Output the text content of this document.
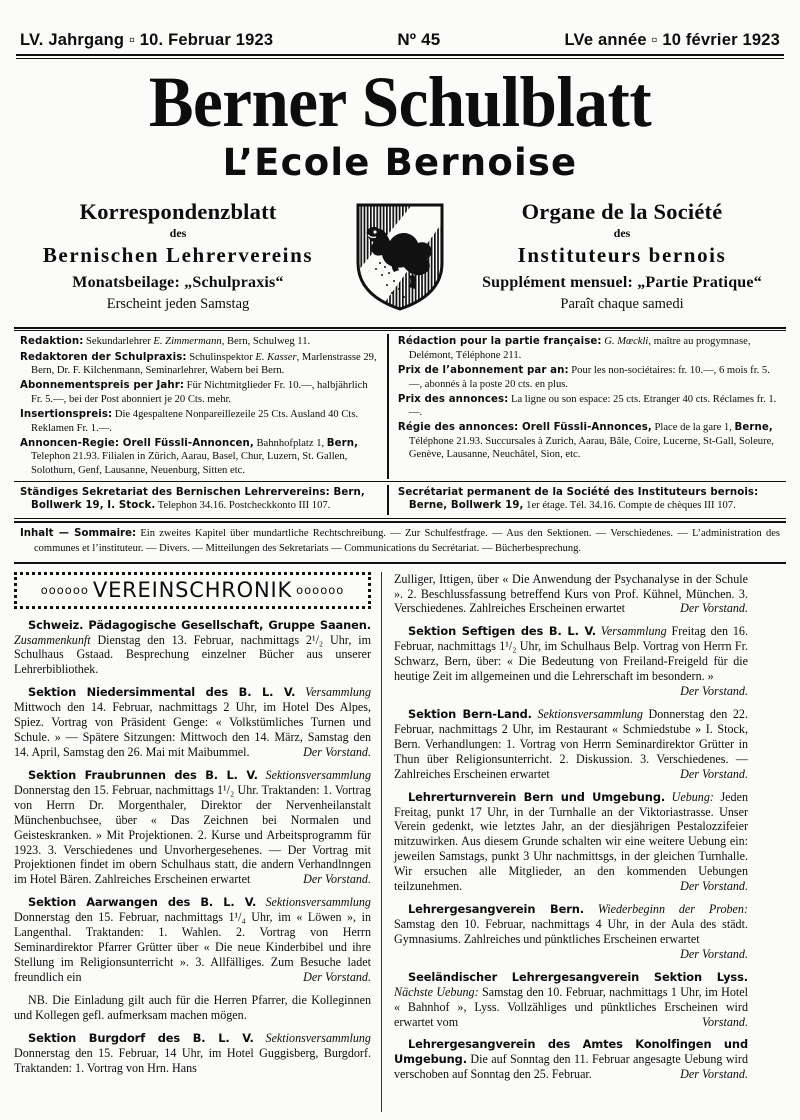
LV. Jahrgang ▫ 10. Februar 1923	Nº 45	LVe année ▫ 10 février 1923
Berner Schulblatt
L’Ecole Bernoise
Korrespondenzblatt
des
Bernischen Lehrervereins
Monatsbeilage: „Schulpraxis“
Erscheint jeden Samstag
Organe de la Société
des
Instituteurs bernois
Supplément mensuel: „Partie Pratique“
Paraît chaque samedi
Redaktion: Sekundarlehrer E. Zimmermann, Bern, Schulweg 11.
Redaktoren der Schulpraxis: Schulinspektor E. Kasser, Marlenstrasse 29, Bern, Dr. F. Kilchenmann, Seminarlehrer, Wabern bei Bern.
Abonnementspreis per Jahr: Für Nichtmitglieder Fr. 10.—, halbjährlich Fr. 5.—, bei der Post abonniert je 20 Cts. mehr.
Insertionspreis: Die 4gespaltene Nonpareillezeile 25 Cts. Ausland 40 Cts. Reklamen Fr. 1.—.
Annoncen-Regie: Orell Füssli-Annoncen, Bahnhofplatz 1, Bern, Telephon 21.93. Filialen in Zürich, Aarau, Basel, Chur, Luzern, St. Gallen, Solothurn, Genf, Lausanne, Neuenburg, Sitten etc.
Rédaction pour la partie française: G. Mœckli, maître au progymnase, Delémont, Téléphone 211.
Prix de l’abonnement par an: Pour les non-sociétaires: fr. 10.—, 6 mois fr. 5.—, abonnés à la poste 20 cts. en plus.
Prix des annonces: La ligne ou son espace: 25 cts. Etranger 40 cts. Réclames fr. 1.—.
Régie des annonces: Orell Füssli-Annonces, Place de la gare 1, Berne, Téléphone 21.93. Succursales à Zurich, Aarau, Bâle, Coire, Lucerne, St-Gall, Soleure, Genève, Lausanne, Neuchâtel, Sion, etc.
Ständiges Sekretariat des Bernischen Lehrervereins: Bern, Bollwerk 19, I. Stock. Telephon 34.16. Postcheckkonto III 107.
Secrétariat permanent de la Société des Instituteurs bernois: Berne, Bollwerk 19, 1er étage. Tél. 34.16. Compte de chèques III 107.
Inhalt — Sommaire: Ein zweites Kapitel über mundartliche Rechtschreibung. — Zur Schulfestfrage. — Aus den Sektionen. — Verschiedenes. — L’administration des communes et l’instituteur. — Divers. — Mitteilungen des Sekretariats — Communications du Secrétariat. — Bücherbesprechung.
oooooo VEREINSCHRONIK oooooo

Schweiz. Pädagogische Gesellschaft, Gruppe Saanen. Zusammenkunft Dienstag den 13. Februar, nachmittags 2¹/₂ Uhr, im Schulhaus Gstaad. Besprechung einzelner Bücher aus unserer Lehrerbibliothek.

Sektion Niedersimmental des B. L. V. Versammlung Mittwoch den 14. Februar, nachmittags 2 Uhr, im Hotel Des Alpes, Spiez. Vortrag von Präsident Genge: « Volkstümliches Turnen und Schule. » — Spätere Sitzungen: Mittwoch den 14. März, Samstag den 14. April, Samstag den 26. Mai mit Maibummel.	Der Vorstand.

Sektion Fraubrunnen des B. L. V. Sektionsversammlung Donnerstag den 15. Februar, nachmittags 1¹/₂ Uhr. Traktanden: 1. Vortrag von Herrn Dr. Morgenthaler, Direktor der Nervenheilanstalt Münchenbuchsee, über « Das Zeichnen bei Normalen und Geisteskranken. » Mit Projektionen. 2. Kurse und Arbeitsprogramm für 1923. 3. Verschiedenes und Unvorhergesehenes. — Der Vortrag mit Projektionen findet im obern Schulhaus statt, die andern Verhandlnngen im Hotel Bären. Zahlreiches Erscheinen erwartet	Der Vorstand.

Sektion Aarwangen des B. L. V. Sektionsversammlung Donnerstag den 15. Februar, nachmittags 1¹/₄ Uhr, im « Löwen », in Langenthal. Traktanden: 1. Wahlen. 2. Vortrag von Herrn Seminardirektor Pfarrer Grütter über « Die neue Kinderbibel und ihre Stellung im Religionsunterricht ». 3. Allfälliges. Zum Besuche ladet freundlich ein	Der Vorstand.

NB. Die Einladung gilt auch für die Herren Pfarrer, die Kolleginnen und Kollegen gefl. aufmerksam machen mögen.

Sektion Burgdorf des B. L. V. Sektionsversammlung Donnerstag den 15. Februar, 14 Uhr, im Hotel Guggisberg, Burgdorf. Traktanden: 1. Vortrag von Hrn. Hans

Zulliger, Ittigen, über « Die Anwendung der Psychanalyse in der Schule ». 2. Beschlussfassung betreffend Kurs von Prof. Kühnel, München. 3. Verschiedenes. Zahlreiches Erscheinen erwartet	Der Vorstand.

Sektion Seftigen des B. L. V. Versammlung Freitag den 16. Februar, nachmittags 1¹/₂ Uhr, im Schulhaus Belp. Vortrag von Herrn Fr. Schwarz, Bern, über: « Die Bedeutung von Freiland-Freigeld für die heutige Zeit im allgemeinen und die Lehrerschaft im besondern. »
Der Vorstand.

Sektion Bern-Land. Sektionsversammlung Donnerstag den 22. Februar, nachmittags 2 Uhr, im Restaurant « Schmiedstube » I. Stock, Bern. Verhandlungen: 1. Vortrag von Herrn Seminardirektor Grütter in Thun über Religionsunterricht. 2. Diskussion. 3. Verschiedenes. — Zahlreiches Erscheinen erwartet	Der Vorstand.

Lehrerturnverein Bern und Umgebung. Uebung: Jeden Freitag, punkt 17 Uhr, in der Turnhalle an der Viktoriastrasse. Unser Verein gedenkt, wie letztes Jahr, an der diesjährigen Pestalozzifeier mitzuwirken. Aus diesem Grunde schalten wir eine weitere Uebung ein: jeweilen Samstags, punkt 3 Uhr nachmittsgs, in der gleichen Turnhalle. Wir ersuchen alle Mitglieder, an den kommenden Uebungen teilzunehmen.	Der Vorstand.

Lehrergesangverein Bern. Wiederbeginn der Proben: Samstag den 10. Februar, nachmittags 4 Uhr, in der Aula des städt. Gymnasiums. Zahlreiches und pünktliches Erscheinen erwartet
Der Vorstand.

Seeländischer Lehrergesangverein Sektion Lyss. Nächste Uebung: Samstag den 10. Februar, nachmittags 1 Uhr, im Hotel « Bahnhof », Lyss. Vollzähliges und pünktliches Erscheinen wird erwartet vom	Vorstand.

Lehrergesangverein des Amtes Konolfingen und Umgebung. Die auf Sonntag den 11. Februar angesagte Uebung wird verschoben auf Sonntag den 25. Februar.	Der Vorstand.
